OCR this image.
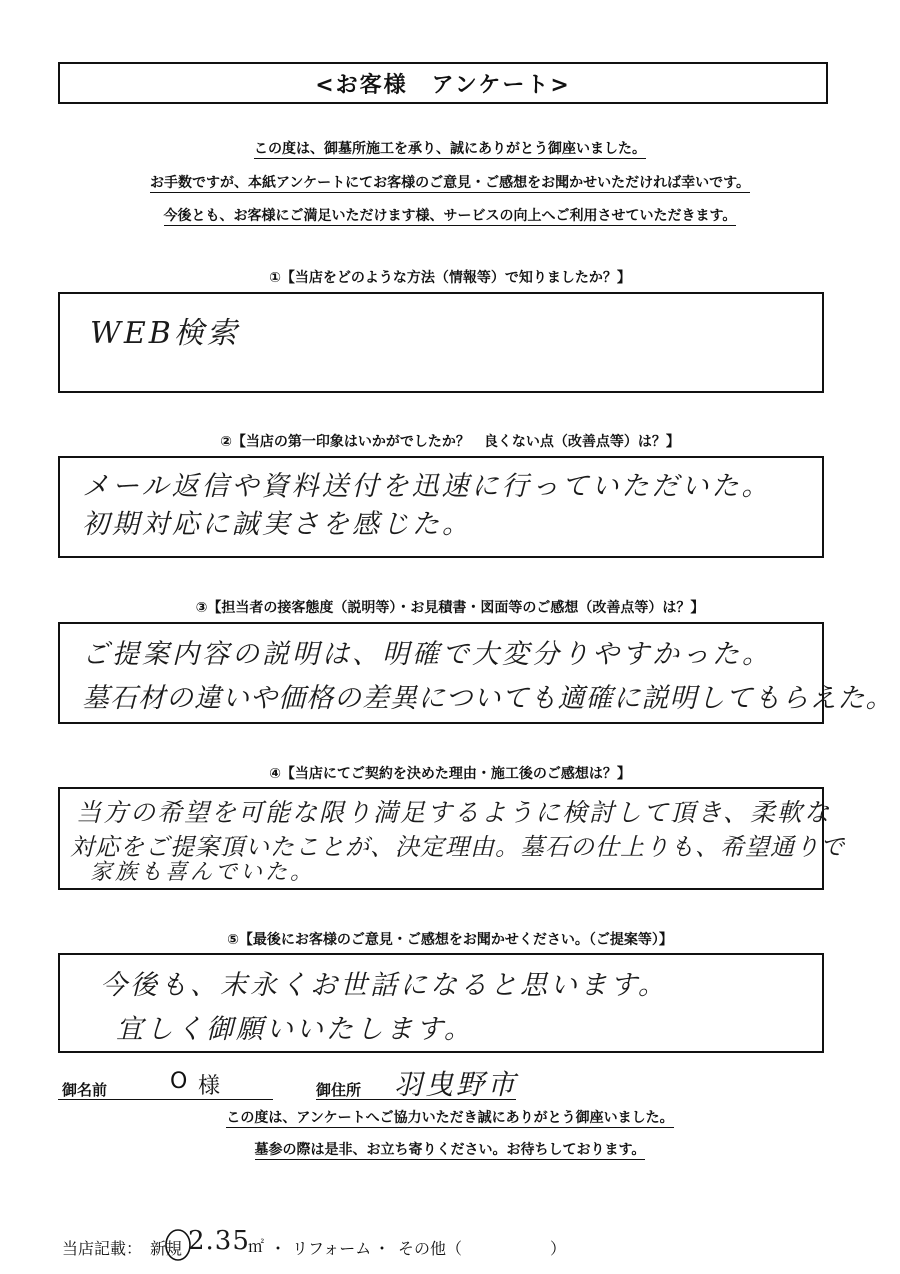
<お客様　アンケート>
この度は、御墓所施工を承り、誠にありがとう御座いました。
お手数ですが、本紙アンケートにてお客様のご意見・ご感想をお聞かせいただければ幸いです。
今後とも、お客様にご満足いただけます様、サービスの向上へご利用させていただきます。
①【当店をどのような方法（情報等）で知りましたか？】
WEB検索
②【当店の第一印象はいかがでしたか？　良くない点（改善点等）は？】
メール返信や資料送付を迅速に行っていただいた。
初期対応に誠実さを感じた。
③【担当者の接客態度（説明等）・お見積書・図面等のご感想（改善点等）は？】
ご提案内容の説明は、明確で大変分りやすかった。
墓石材の違いや価格の差異についても適確に説明してもらえた。
④【当店にてご契約を決めた理由・施工後のご感想は？】
当方の希望を可能な限り満足するように検討して頂き、柔軟な
対応をご提案頂いたことが、決定理由。墓石の仕上りも、希望通りで
家族も喜んでいた。
⑤【最後にお客様のご意見・ご感想をお聞かせください。（ご提案等）】
今後も、末永くお世話になると思います。
宜しく御願いいたします。
御名前	O 様	御住所 羽曳野市
この度は、アンケートへご協力いただき誠にありがとう御座いました。
墓参の際は是非、お立ち寄りください。お待ちしております。
当店記載： 新規 2.35
㎡ ・ リフォーム ・ その他 （	）
